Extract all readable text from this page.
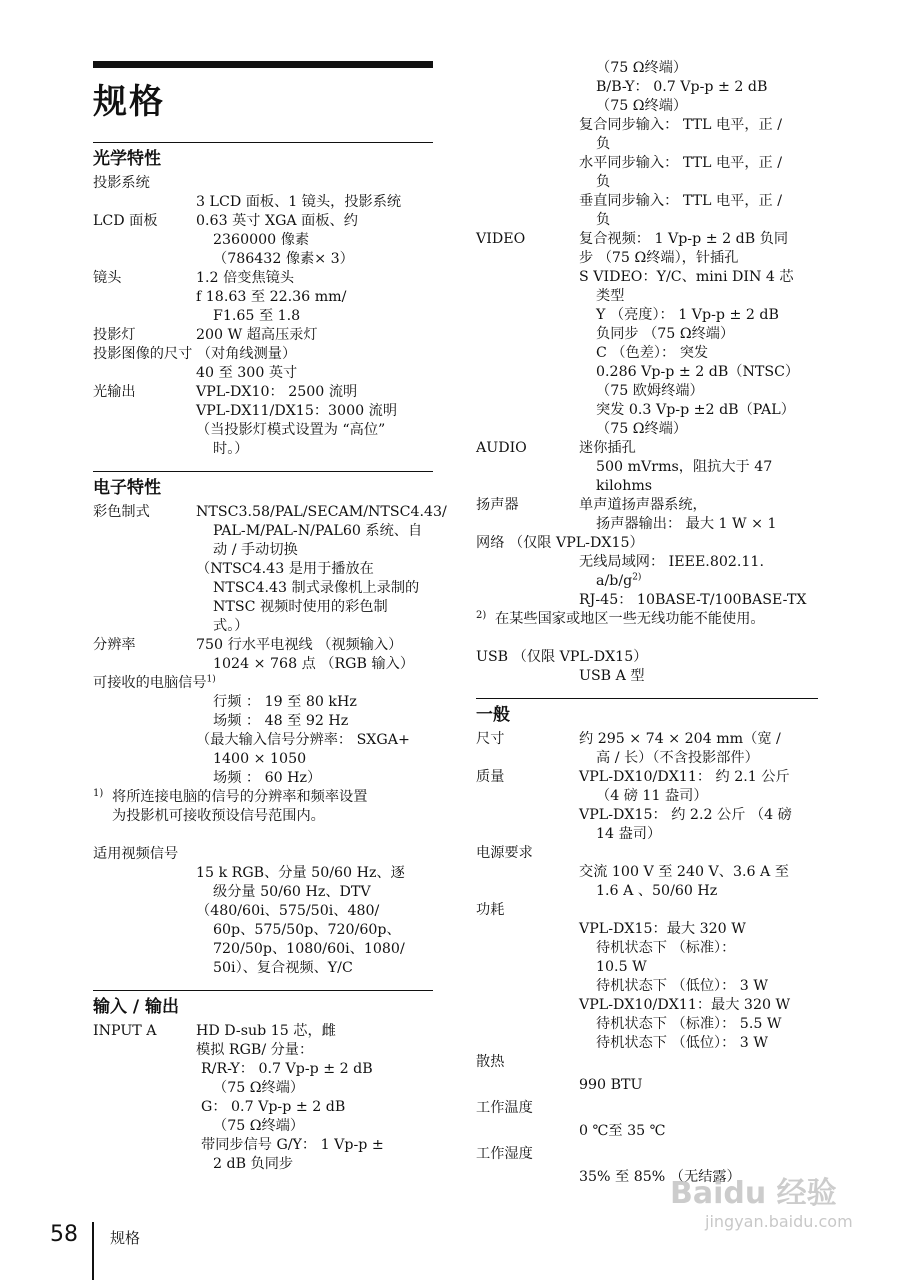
规格
光学特性
投影系统
3 LCD 面板、1 镜头，投影系统
LCD 面板	0.63 英寸 XGA 面板、约
2360000 像素
（786432 像素× 3）
镜头	1.2 倍变焦镜头
f 18.63 至 22.36 mm/
F1.65 至 1.8
投影灯	200 W 超高压汞灯
投影图像的尺寸 （对角线测量）
40 至 300 英寸
光输出	VPL-DX10： 2500 流明
VPL-DX11/DX15：3000 流明
（当投影灯模式设置为 “高位”
时。）
电子特性
彩色制式	NTSC3.58/PAL/SECAM/NTSC4.43/
PAL-M/PAL-N/PAL60 系统、自
动 / 手动切换
（NTSC4.43 是用于播放在
NTSC4.43 制式录像机上录制的
NTSC 视频时使用的彩色制
式。）
分辨率	750 行水平电视线 （视频输入）
1024 × 768 点 （RGB 输入）
可接收的电脑信号$^{1)}$
行频 ： 19 至 80 kHz
场频 ： 48 至 92 Hz
（最大输入信号分辨率： SXGA+
1400 × 1050
场频 ： 60 Hz）
1) 将所连接电脑的信号的分辨率和频率设置
为投影机可接收预设信号范围内。
适用视频信号
15 k RGB、分量 50/60 Hz、逐
级分量 50/60 Hz、DTV
（480/60i、575/50i、480/
60p、575/50p、720/60p、
720/50p、1080/60i、1080/
50i）、复合视频、Y/C
输入 / 输出
INPUT A	HD D-sub 15 芯，雌
模拟 RGB/ 分量：
R/R-Y： 0.7 Vp-p ± 2 dB
（75 Ω终端）
G： 0.7 Vp-p ± 2 dB
（75 Ω终端）
带同步信号 G/Y： 1 Vp-p ±
2 dB 负同步
（75 Ω终端）
B/B-Y： 0.7 Vp-p ± 2 dB
（75 Ω终端）
复合同步输入： TTL 电平，正 /
负
水平同步输入： TTL 电平，正 /
负
垂直同步输入： TTL 电平，正 /
负
VIDEO	复合视频： 1 Vp-p ± 2 dB 负同
步 （75 Ω终端），针插孔
S VIDEO：Y/C、mini DIN 4 芯
类型
Y （亮度）： 1 Vp-p ± 2 dB
负同步 （75 Ω终端）
C （色差）： 突发
0.286 Vp-p ± 2 dB（NTSC）
（75 欧姆终端）
突发 0.3 Vp-p ±2 dB（PAL）
（75 Ω终端）
AUDIO	迷你插孔
500 mVrms，阻抗大于 47
kilohms
扬声器	单声道扬声器系统，
扬声器输出： 最大 1 W × 1
网络 （仅限 VPL-DX15）
无线局域网： IEEE.802.11.
$a/b/g^{2)}$
RJ-45： 10BASE-T/100BASE-TX
2) 在某些国家或地区一些无线功能不能使用。
USB （仅限 VPL-DX15）
USB A 型
一般
尺寸	约 295 × 74 × 204 mm（宽 /
高 / 长）（不含投影部件）
质量	VPL-DX10/DX11： 约 2.1 公斤
（4 磅 11 盎司）
VPL-DX15： 约 2.2 公斤 （4 磅
14 盎司）
电源要求
交流 100 V 至 240 V、3.6 A 至
1.6 A 、50/60 Hz
功耗
VPL-DX15：最大 320 W
待机状态下 （标准）：
10.5 W
待机状态下 （低位）： 3 W
VPL-DX10/DX11：最大 320 W
待机状态下 （标准）： 5.5 W
待机状态下 （低位）： 3 W
散热
990 BTU
工作温度
0 ℃至 35 ℃
工作湿度
35% 至 85% （无结露）
Baidu 经验
jingyan.baidu.com
58 规格
